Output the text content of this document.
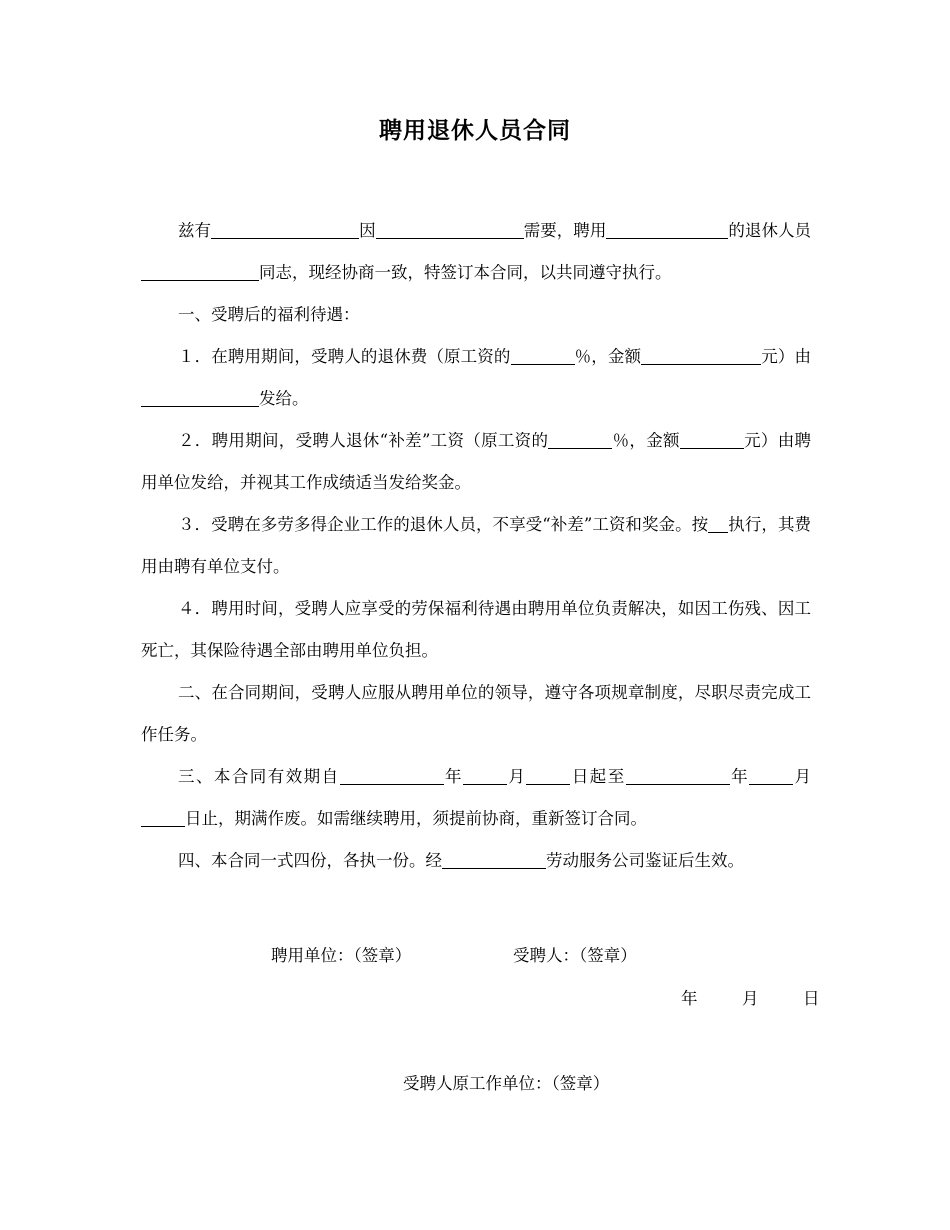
聘用退休人员合同

兹有	因	需要，聘用	的退休人员同志，现经协商一致，特签订本合同，以共同遵守执行。

一、受聘后的福利待遇：

１．在聘用期间，受聘人的退休费（原工资的	％，金额	元）由发给。

２．聘用期间，受聘人退休“补差”工资（原工资的	％，金额	元）由聘用单位发给，并视其工作成绩适当发给奖金。

３．受聘在多劳多得企业工作的退休人员，不享受“补差”工资和奖金。按 执行，其费用由聘有单位支付。

４．聘用时间，受聘人应享受的劳保福利待遇由聘用单位负责解决，如因工伤残、因工死亡，其保险待遇全部由聘用单位负担。

二、在合同期间，受聘人应服从聘用单位的领导，遵守各项规章制度，尽职尽责完成工作任务。

三、本合同有效期自	年	月	日起至	年	月日止，期满作废。如需继续聘用，须提前协商，重新签订合同。

四、本合同一式四份，各执一份。经	劳动服务公司鉴证后生效。

聘用单位：（签章）	受聘人：（签章）
年	月	日
受聘人原工作单位：（签章）
